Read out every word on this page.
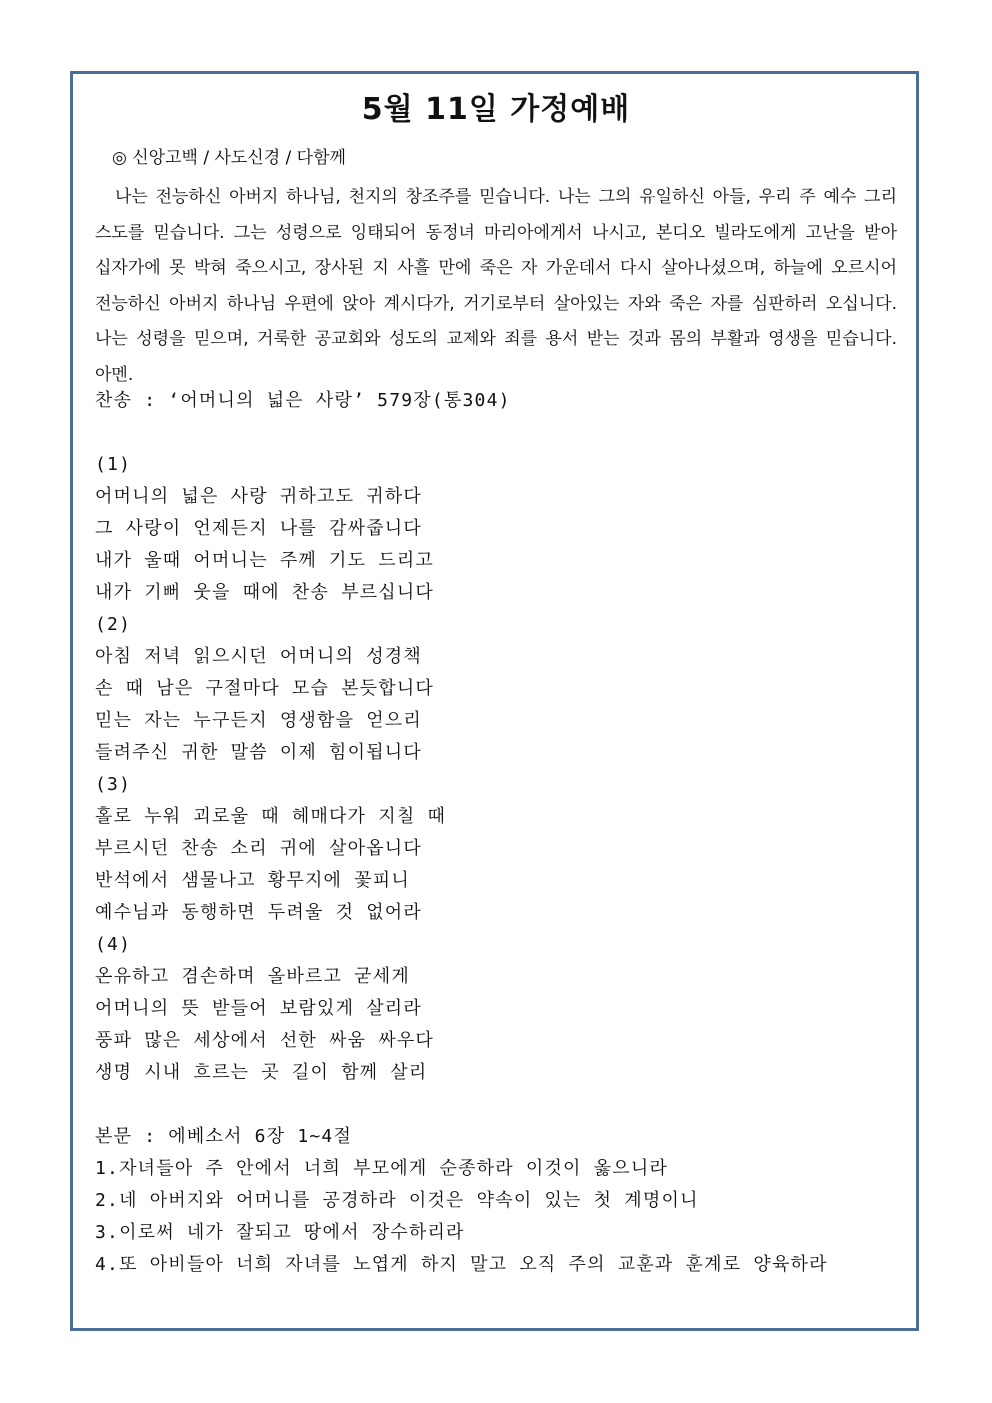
5월 11일 가정예배

◎ 신앙고백 / 사도신경 / 다함께

나는 전능하신 아버지 하나님, 천지의 창조주를 믿습니다. 나는 그의 유일하신 아들, 우리 주 예수 그리
스도를 믿습니다. 그는 성령으로 잉태되어 동정녀 마리아에게서 나시고, 본디오 빌라도에게 고난을 받아
십자가에 못 박혀 죽으시고, 장사된 지 사흘 만에 죽은 자 가운데서 다시 살아나셨으며, 하늘에 오르시어
전능하신 아버지 하나님 우편에 앉아 계시다가, 거기로부터 살아있는 자와 죽은 자를 심판하러 오십니다.
나는 성령을 믿으며, 거룩한 공교회와 성도의 교제와 죄를 용서 받는 것과 몸의 부활과 영생을 믿습니다.
아멘.
찬송 : ‘어머니의 넓은 사랑’ 579장(통304)
(1)
어머니의 넓은 사랑 귀하고도 귀하다
그 사랑이 언제든지 나를 감싸줍니다
내가 울때 어머니는 주께 기도 드리고
내가 기뻐 웃을 때에 찬송 부르십니다
(2)
아침 저녁 읽으시던 어머니의 성경책
손 때 남은 구절마다 모습 본듯합니다
믿는 자는 누구든지 영생함을 얻으리
들려주신 귀한 말씀 이제 힘이됩니다
(3)
홀로 누워 괴로울 때 헤매다가 지칠 때
부르시던 찬송 소리 귀에 살아옵니다
반석에서 샘물나고 황무지에 꽃피니
예수님과 동행하면 두려울 것 없어라
(4)
온유하고 겸손하며 올바르고 굳세게
어머니의 뜻 받들어 보람있게 살리라
풍파 많은 세상에서 선한 싸움 싸우다
생명 시내 흐르는 곳 길이 함께 살리
본문 : 에베소서 6장 1~4절
1.자녀들아 주 안에서 너희 부모에게 순종하라 이것이 옳으니라
2.네 아버지와 어머니를 공경하라 이것은 약속이 있는 첫 계명이니
3.이로써 네가 잘되고 땅에서 장수하리라
4.또 아비들아 너희 자녀를 노엽게 하지 말고 오직 주의 교훈과 훈계로 양육하라
